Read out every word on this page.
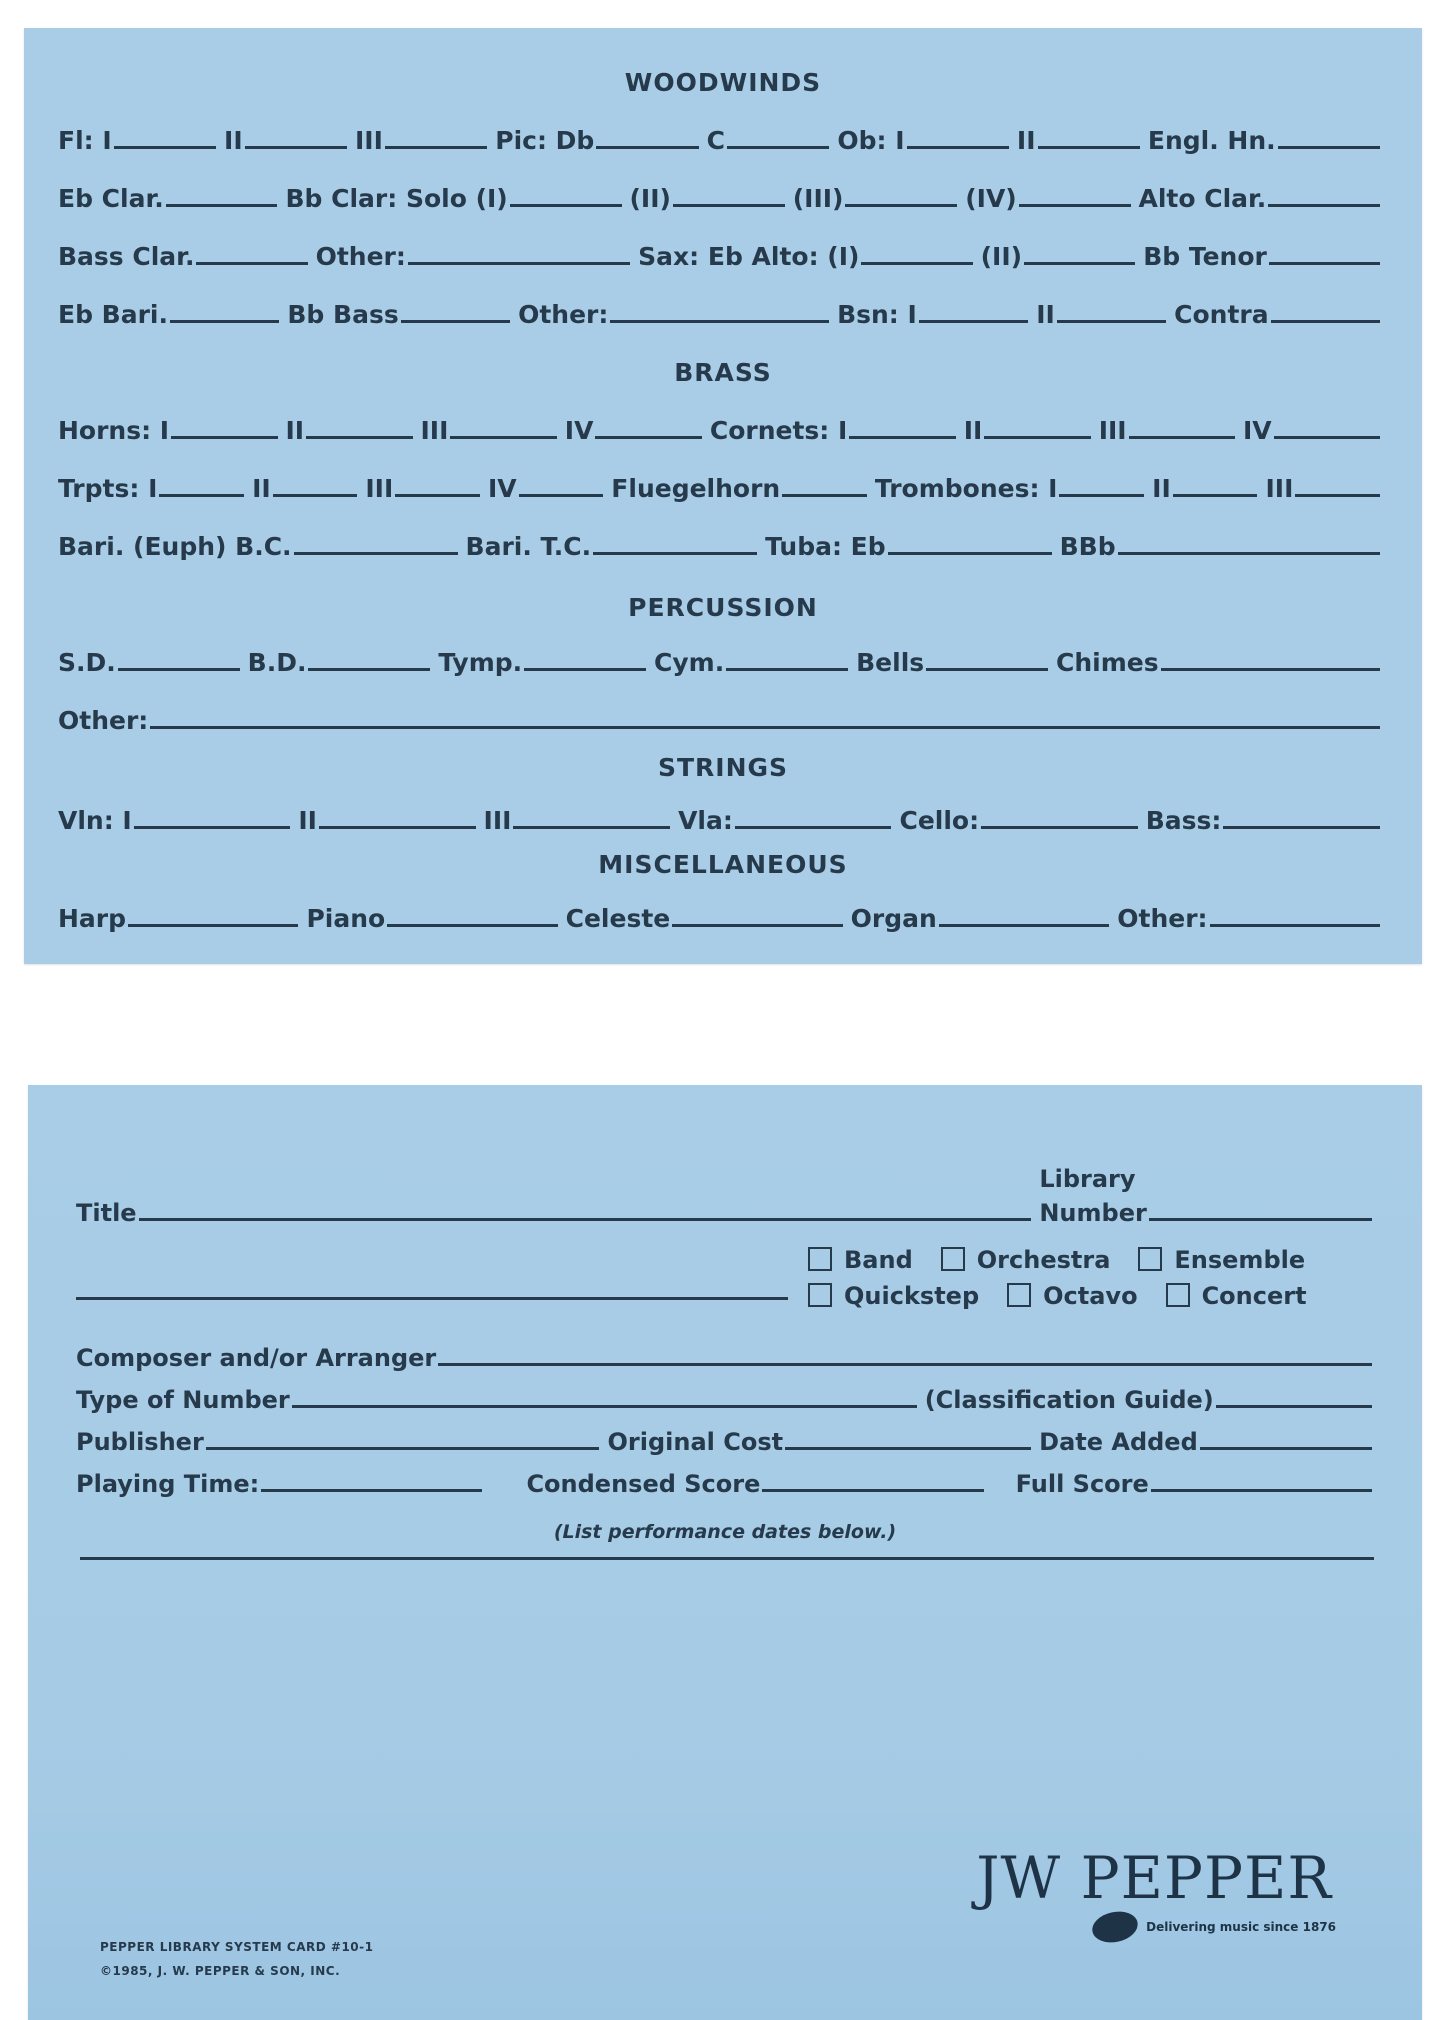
WOODWINDS
Fl: I	II	III	Pic: Db	C	Ob: I	II	Engl. Hn.
Eb Clar.	Bb Clar: Solo (I)	(II)	(III)	(IV)	Alto Clar.
Bass Clar.	Other:	Sax: Eb Alto: (I)	(II)	Bb Tenor
Eb Bari.	Bb Bass	Other:	Bsn: I	II	Contra
BRASS
Horns: I	II	III	IV	Cornets: I	II	III	IV
Trpts: I	II	III	IV	Fluegelhorn	Trombones: I	II	III
Bari. (Euph) B.C.	Bari. T.C.	Tuba: Eb	BBb
PERCUSSION
S.D.	B.D.	Tymp.	Cym.	Bells	Chimes
Other:
STRINGS
Vln: I	II	III	Vla:	Cello:	Bass:
MISCELLANEOUS
Harp	Piano	Celeste	Organ	Other:
Title
Library
Number
Band	Orchestra	Ensemble
Quickstep	Octavo	Concert
Composer and/or Arranger
Type of Number	(Classification Guide)
Publisher	Original Cost	Date Added
Playing Time:	Condensed Score	Full Score
(List performance dates below.)
PEPPER LIBRARY SYSTEM CARD #10-1
©1985, J. W. PEPPER & SON, INC.
JW PEPPER
Delivering music since 1876
